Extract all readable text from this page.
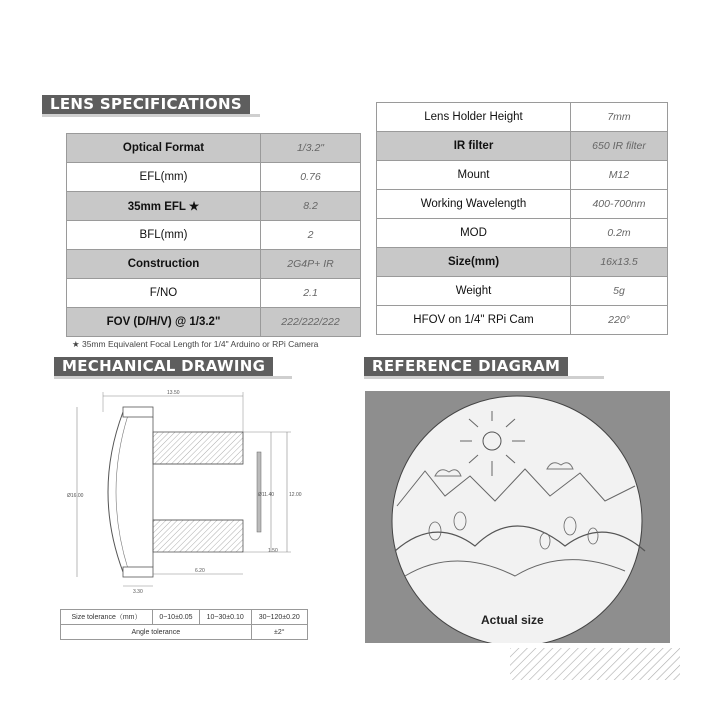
LENS SPECIFICATIONS
Optical Format	1/3.2"
EFL(mm)	0.76
35mm EFL ★	8.2
BFL(mm)	2
Construction	2G4P+ IR
F/NO	2.1
FOV (D/H/V) @ 1/3.2"	222/222/222
Lens Holder Height	7mm
IR filter	650 IR filter
Mount	M12
Working Wavelength	400-700nm
MOD	0.2m
Size(mm)	16x13.5
Weight	5g
HFOV on 1/4" RPi Cam	220°
★ 35mm Equivalent Focal Length for 1/4" Arduino or RPi Camera
MECHANICAL DRAWING
13.50
Ø16.00	Ø11.40	12.00
1.50
6.20
3.30
Size tolerance（mm）	0~10±0.05	10~30±0.10	30~120±0.20
Angle tolerance			±2°
REFERENCE DIAGRAM
Actual size
